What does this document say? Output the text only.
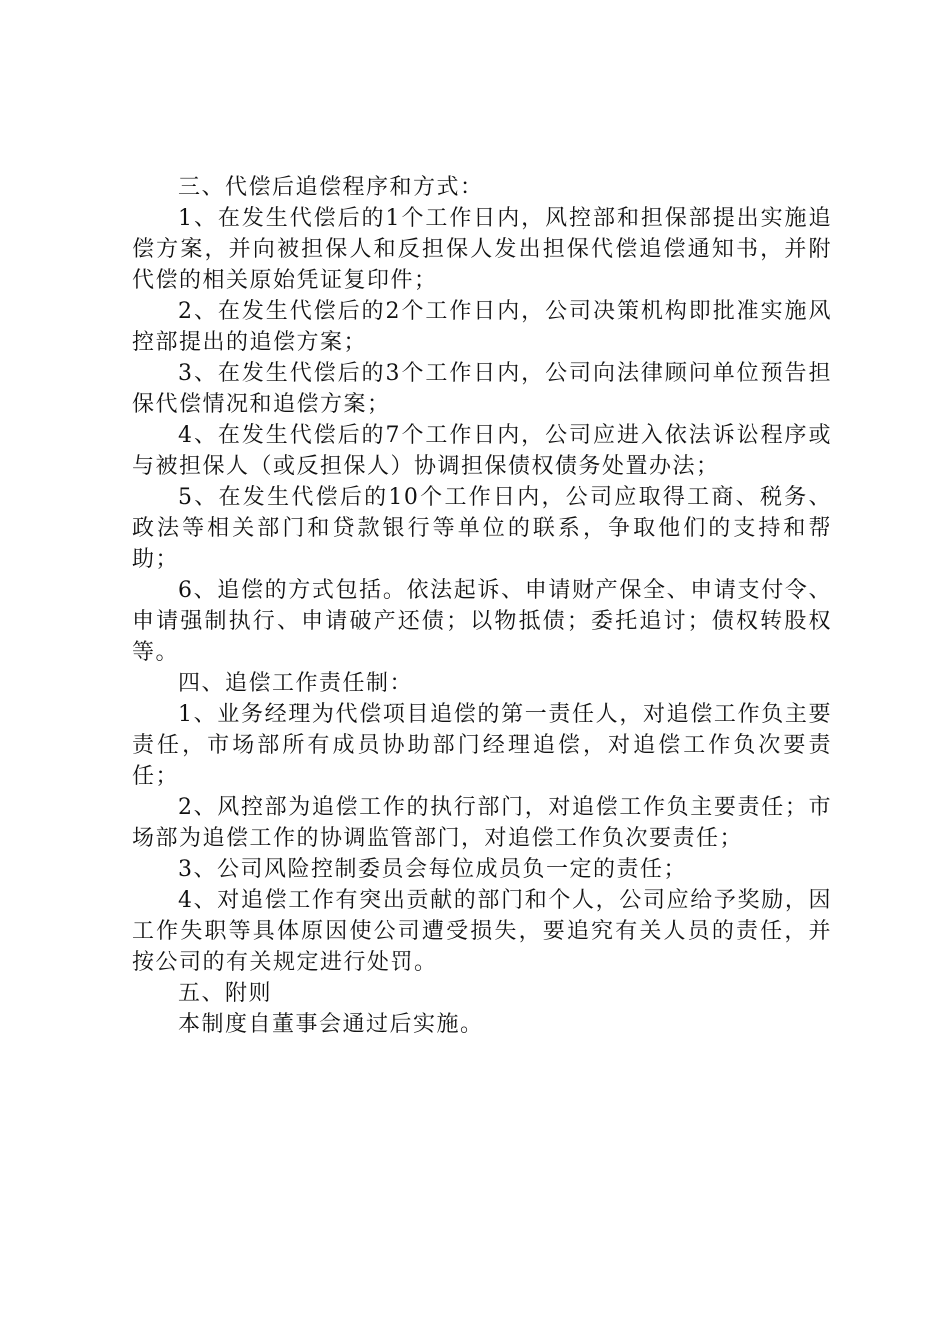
三、代偿后追偿程序和方式：

1、在发生代偿后的1个工作日内，风控部和担保部提出实施追偿方案，并向被担保人和反担保人发出担保代偿追偿通知书，并附代偿的相关原始凭证复印件；

2、在发生代偿后的2个工作日内，公司决策机构即批准实施风控部提出的追偿方案；

3、在发生代偿后的3个工作日内，公司向法律顾问单位预告担保代偿情况和追偿方案；

4、在发生代偿后的7个工作日内，公司应进入依法诉讼程序或与被担保人（或反担保人）协调担保债权债务处置办法；

5、在发生代偿后的10个工作日内，公司应取得工商、税务、政法等相关部门和贷款银行等单位的联系，争取他们的支持和帮助；

6、追偿的方式包括。依法起诉、申请财产保全、申请支付令、申请强制执行、申请破产还债；以物抵债；委托追讨；债权转股权等。

四、追偿工作责任制：

1、业务经理为代偿项目追偿的第一责任人，对追偿工作负主要责任，市场部所有成员协助部门经理追偿，对追偿工作负次要责任；

2、风控部为追偿工作的执行部门，对追偿工作负主要责任；市场部为追偿工作的协调监管部门，对追偿工作负次要责任；

3、公司风险控制委员会每位成员负一定的责任；

4、对追偿工作有突出贡献的部门和个人，公司应给予奖励，因工作失职等具体原因使公司遭受损失，要追究有关人员的责任，并按公司的有关规定进行处罚。

五、附则

本制度自董事会通过后实施。
